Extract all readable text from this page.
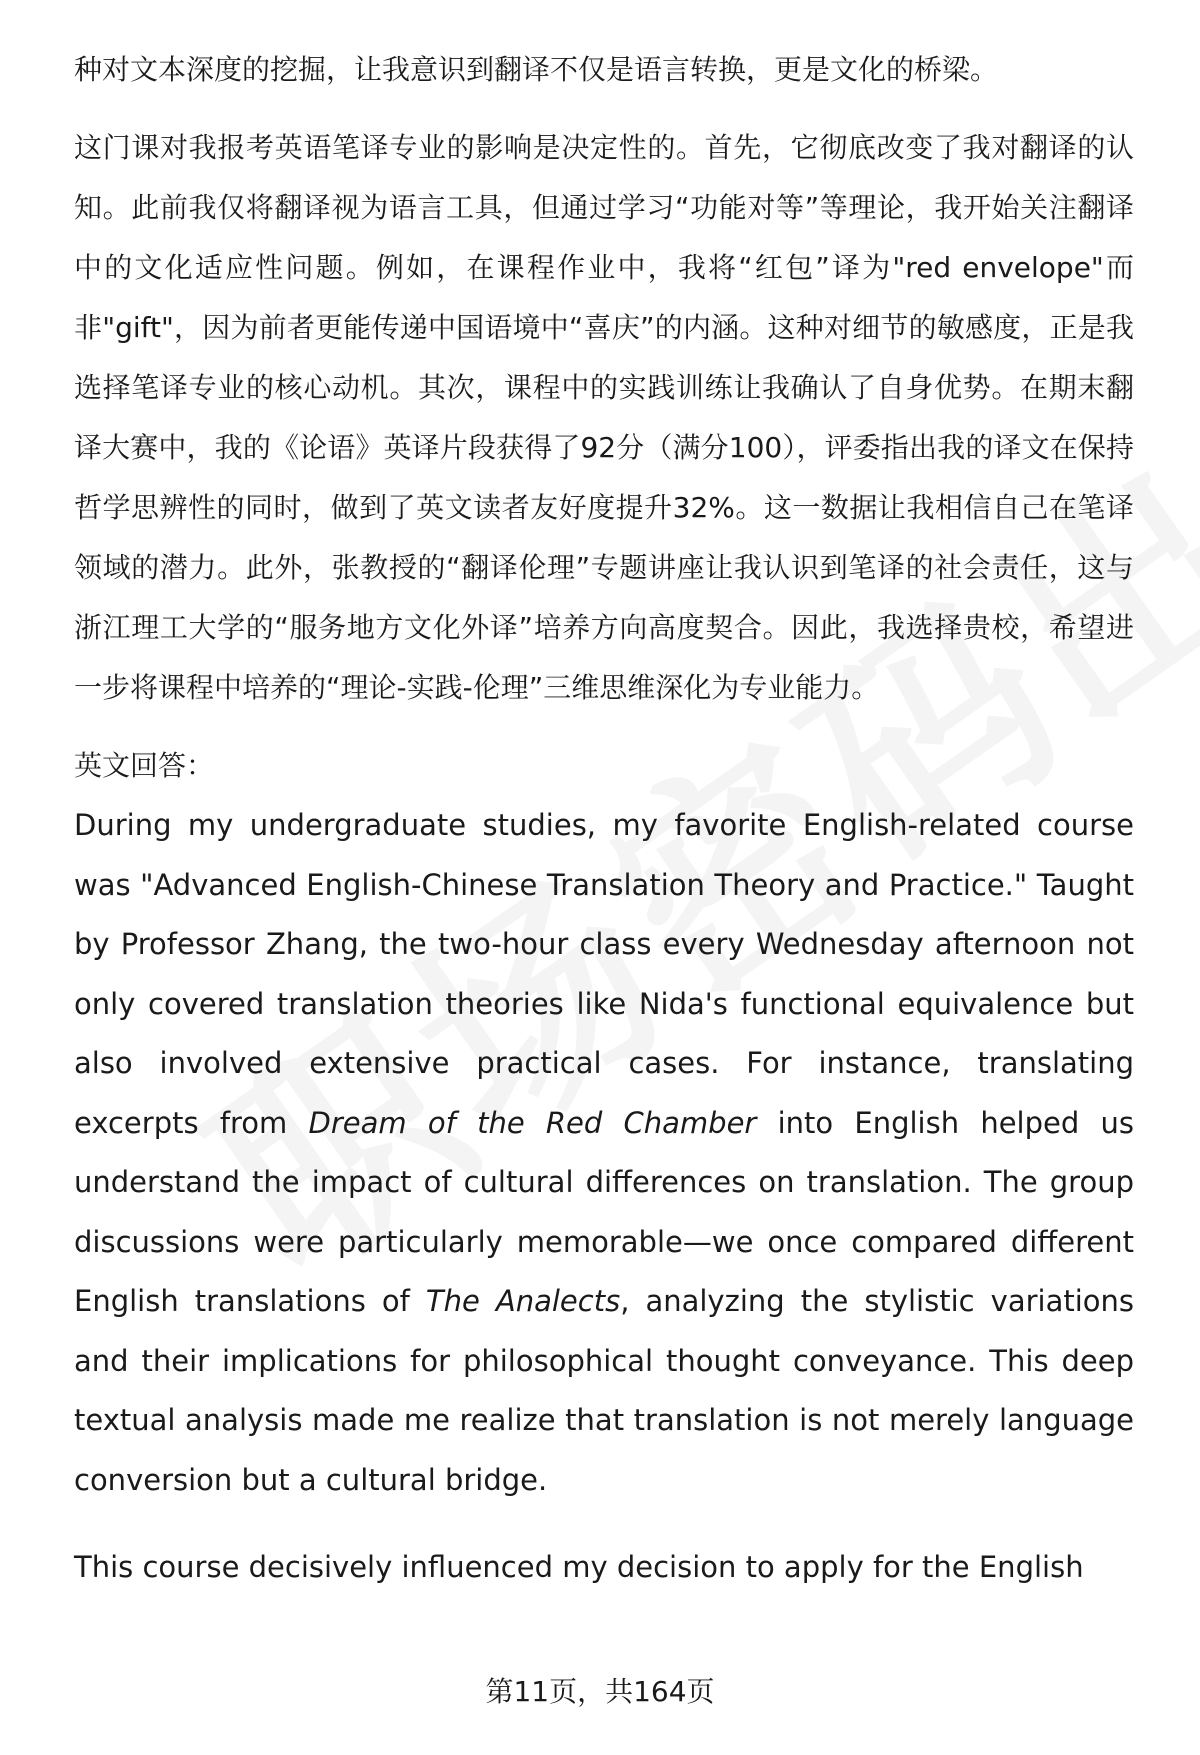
种对文本深度的挖掘，让我意识到翻译不仅是语言转换，更是文化的桥梁。

这门课对我报考英语笔译专业的影响是决定性的。首先，它彻底改变了我对翻译的认知。此前我仅将翻译视为语言工具，但通过学习“功能对等”等理论，我开始关注翻译中的文化适应性问题。例如，在课程作业中，我将“红包”译为"red envelope"而非"gift"，因为前者更能传递中国语境中“喜庆”的内涵。这种对细节的敏感度，正是我选择笔译专业的核心动机。其次，课程中的实践训练让我确认了自身优势。在期末翻译大赛中，我的《论语》英译片段获得了92分（满分100），评委指出我的译文在保持哲学思辨性的同时，做到了英文读者友好度提升32%。这一数据让我相信自己在笔译领域的潜力。此外，张教授的“翻译伦理”专题讲座让我认识到笔译的社会责任，这与浙江理工大学的“服务地方文化外译”培养方向高度契合。因此，我选择贵校，希望进一步将课程中培养的“理论-实践-伦理”三维思维深化为专业能力。

英文回答：

During my undergraduate studies, my favorite English-related course was "Advanced English-Chinese Translation Theory and Practice." Taught by Professor Zhang, the two-hour class every Wednesday afternoon not only covered translation theories like Nida's functional equivalence but also involved extensive practical cases. For instance, translating excerpts from Dream of the Red Chamber into English helped us understand the impact of cultural differences on translation. The group discussions were particularly memorable—we once compared different English translations of The Analects, analyzing the stylistic variations and their implications for philosophical thought conveyance. This deep textual analysis made me realize that translation is not merely language conversion but a cultural bridge.

This course decisively influenced my decision to apply for the English

第11页，共164页
